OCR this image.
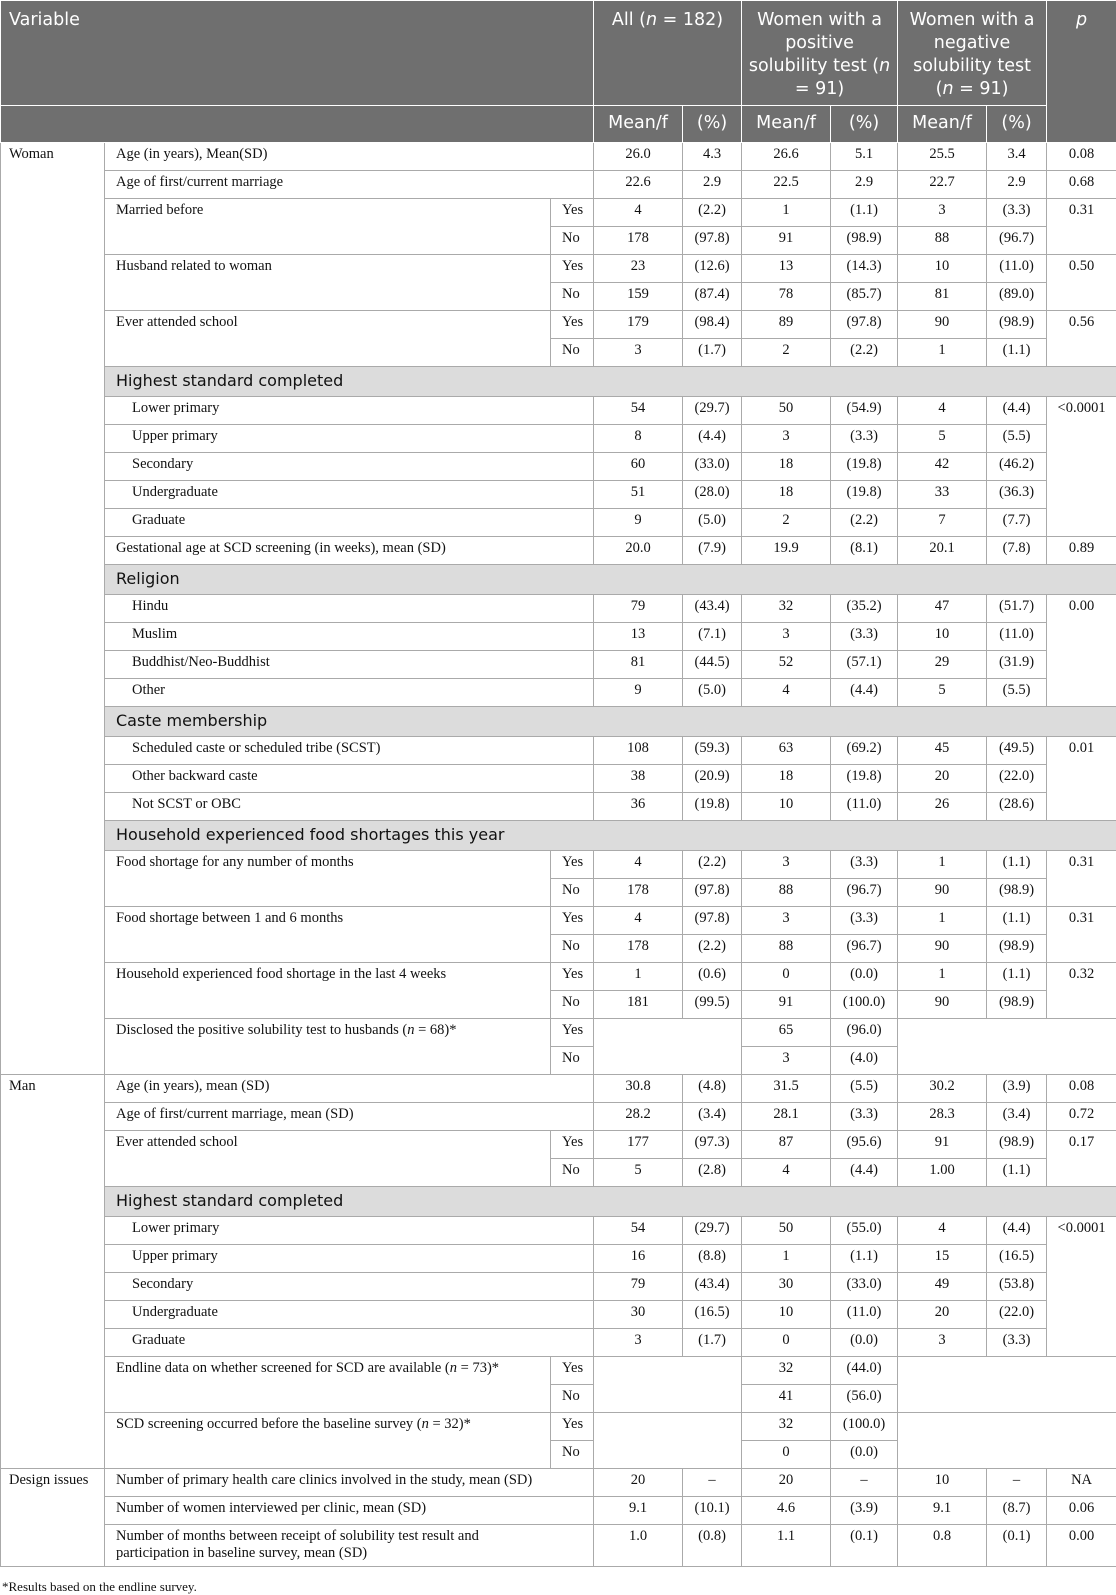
Variable			All (n = 182)		Women with a positive solubility test (n = 91)		Women with a negative solubility test (n = 91)		p
			Mean/f	(%)	Mean/f	(%)	Mean/f	(%)	
Woman	Age (in years), Mean(SD)		26.0	4.3	26.6	5.1	25.5	3.4	0.08
	Age of first/current marriage		22.6	2.9	22.5	2.9	22.7	2.9	0.68
	Married before	Yes	4	(2.2)	1	(1.1)	3	(3.3)	0.31
		No	178	(97.8)	91	(98.9)	88	(96.7)	
	Husband related to woman	Yes	23	(12.6)	13	(14.3)	10	(11.0)	0.50
		No	159	(87.4)	78	(85.7)	81	(89.0)	
	Ever attended school	Yes	179	(98.4)	89	(97.8)	90	(98.9)	0.56
		No	3	(1.7)	2	(2.2)	1	(1.1)	
	Highest standard completed								
	Lower primary		54	(29.7)	50	(54.9)	4	(4.4)	<0.0001
	Upper primary		8	(4.4)	3	(3.3)	5	(5.5)	
	Secondary		60	(33.0)	18	(19.8)	42	(46.2)	
	Undergraduate		51	(28.0)	18	(19.8)	33	(36.3)	
	Graduate		9	(5.0)	2	(2.2)	7	(7.7)	
	Gestational age at SCD screening (in weeks), mean (SD)		20.0	(7.9)	19.9	(8.1)	20.1	(7.8)	0.89
	Religion								
	Hindu		79	(43.4)	32	(35.2)	47	(51.7)	0.00
	Muslim		13	(7.1)	3	(3.3)	10	(11.0)	
	Buddhist/Neo-Buddhist		81	(44.5)	52	(57.1)	29	(31.9)	
	Other		9	(5.0)	4	(4.4)	5	(5.5)	
	Caste membership								
	Scheduled caste or scheduled tribe (SCST)		108	(59.3)	63	(69.2)	45	(49.5)	0.01
	Other backward caste		38	(20.9)	18	(19.8)	20	(22.0)	
	Not SCST or OBC		36	(19.8)	10	(11.0)	26	(28.6)	
	Household experienced food shortages this year								
	Food shortage for any number of months	Yes	4	(2.2)	3	(3.3)	1	(1.1)	0.31
		No	178	(97.8)	88	(96.7)	90	(98.9)	
	Food shortage between 1 and 6 months	Yes	4	(97.8)	3	(3.3)	1	(1.1)	0.31
		No	178	(2.2)	88	(96.7)	90	(98.9)	
	Household experienced food shortage in the last 4 weeks	Yes	1	(0.6)	0	(0.0)	1	(1.1)	0.32
		No	181	(99.5)	91	(100.0)	90	(98.9)	
	Disclosed the positive solubility test to husbands (n = 68)*	Yes			65	(96.0)			
		No			3	(4.0)			
Man	Age (in years), mean (SD)		30.8	(4.8)	31.5	(5.5)	30.2	(3.9)	0.08
	Age of first/current marriage, mean (SD)		28.2	(3.4)	28.1	(3.3)	28.3	(3.4)	0.72
	Ever attended school	Yes	177	(97.3)	87	(95.6)	91	(98.9)	0.17
		No	5	(2.8)	4	(4.4)	1.00	(1.1)	
	Highest standard completed								
	Lower primary		54	(29.7)	50	(55.0)	4	(4.4)	<0.0001
	Upper primary		16	(8.8)	1	(1.1)	15	(16.5)	
	Secondary		79	(43.4)	30	(33.0)	49	(53.8)	
	Undergraduate		30	(16.5)	10	(11.0)	20	(22.0)	
	Graduate		3	(1.7)	0	(0.0)	3	(3.3)	
	Endline data on whether screened for SCD are available (n = 73)*	Yes			32	(44.0)			
		No			41	(56.0)			
	SCD screening occurred before the baseline survey (n = 32)*	Yes			32	(100.0)			
		No			0	(0.0)			
Design issues	Number of primary health care clinics involved in the study, mean (SD)		20	–	20	–	10	–	NA
	Number of women interviewed per clinic, mean (SD)		9.1	(10.1)	4.6	(3.9)	9.1	(8.7)	0.06
	Number of months between receipt of solubility test result and participation in baseline survey, mean (SD)		1.0	(0.8)	1.1	(0.1)	0.8	(0.1)	0.00
*Results based on the endline survey.
